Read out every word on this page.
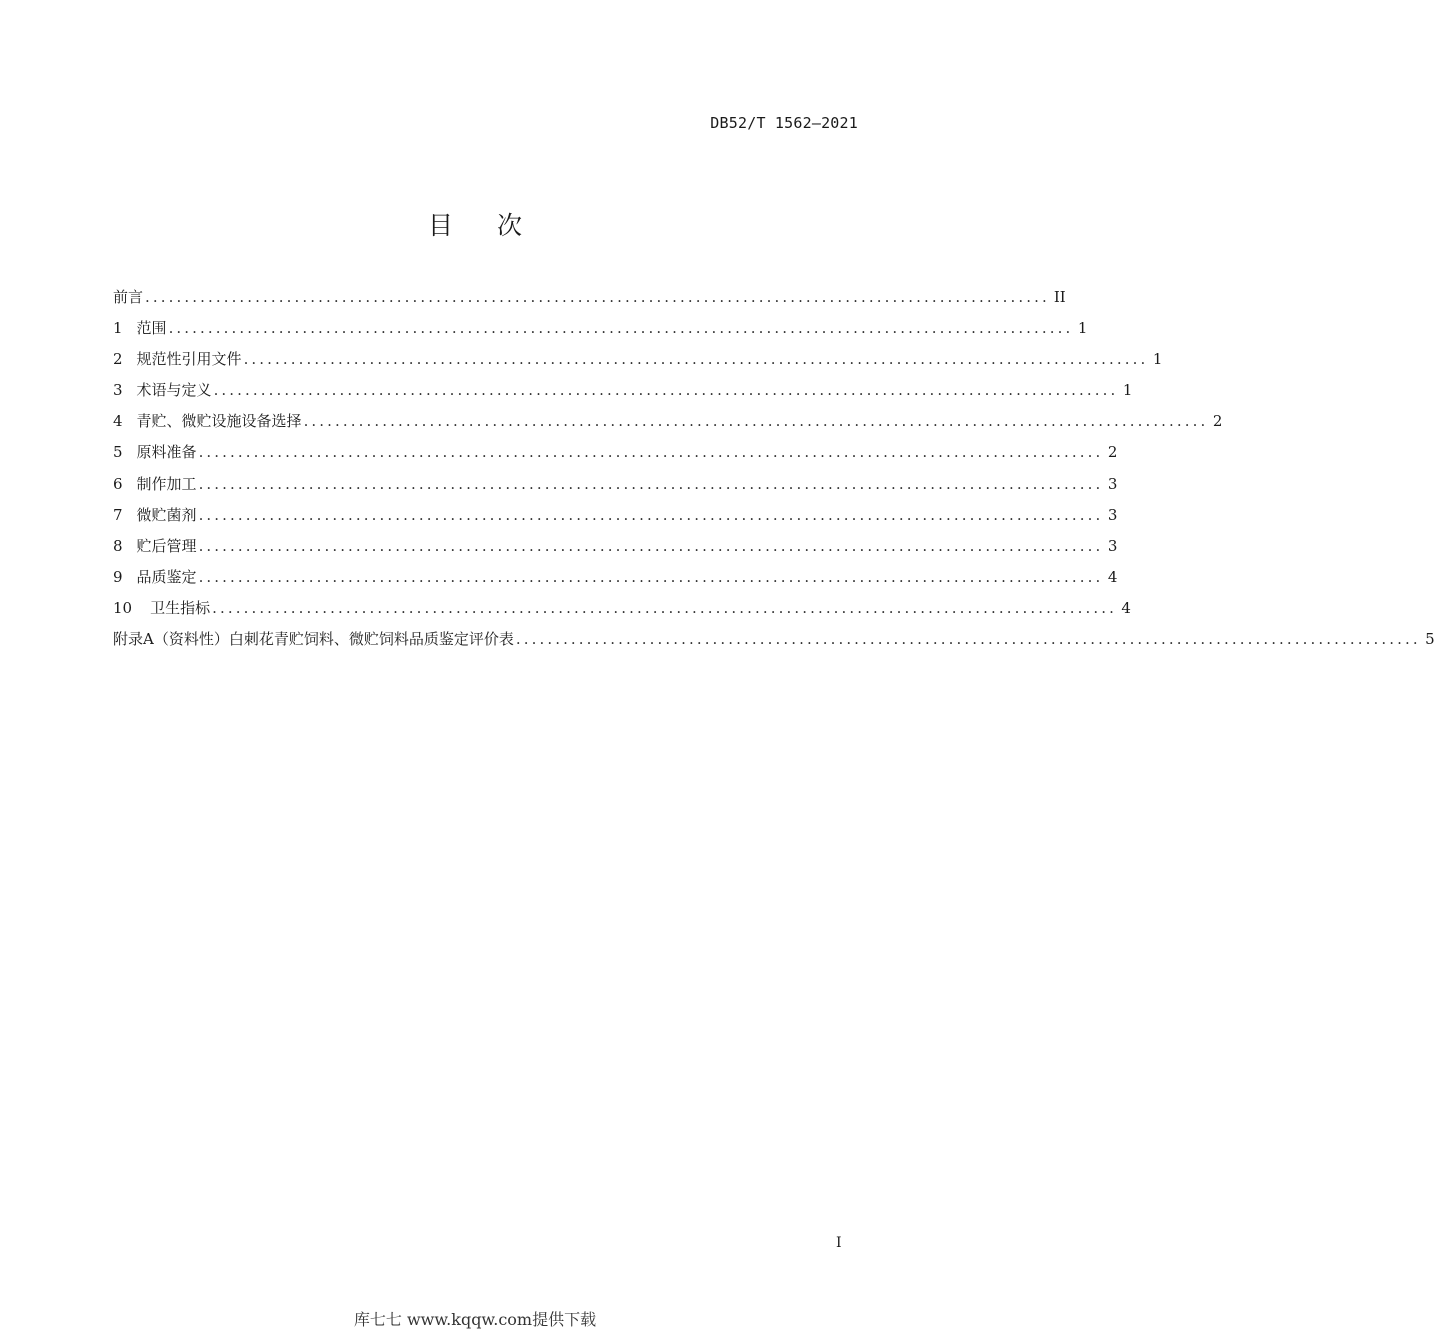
DB52/T 1562—2021
目次
前言 ................................................................................................................... II
1 范围 ................................................................................................................... 1
2 规范性引用文件 ................................................................................................................... 1
3 术语与定义 ................................................................................................................... 1
4 青贮、微贮设施设备选择 ................................................................................................................... 2
5 原料准备 ................................................................................................................... 2
6 制作加工 ................................................................................................................... 3
7 微贮菌剂 ................................................................................................................... 3
8 贮后管理 ................................................................................................................... 3
9 品质鉴定 ................................................................................................................... 4
10 卫生指标 ................................................................................................................... 4
附录A（资料性） 白刺花青贮饲料、微贮饲料品质鉴定评价表 ................................................................................................................... 5
I
库七七 www.kqqw.com提供下载
